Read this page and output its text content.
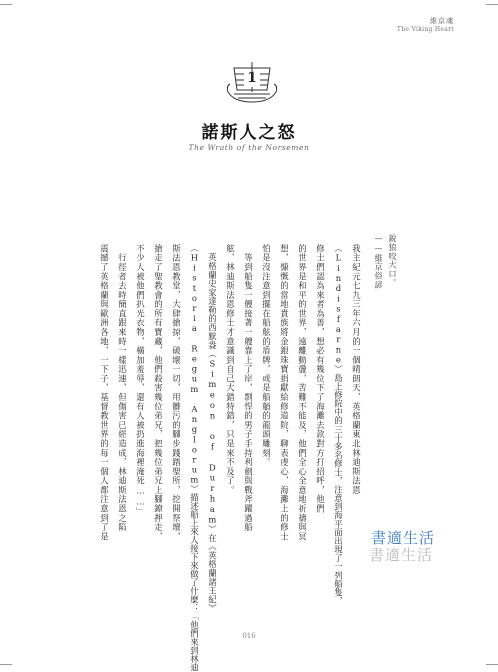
維京魂
The Viking Heart
1
諾斯人之怒
The Wrath of the Norsemen
銳狼咬大口。
——維京俗諺
我主紀元七九三年六月的一個晴朗天，英格蘭東北林迪斯法恩
（Lindisfarne）島上修院中的三十多名修士，注意到海平面出現了一列船隻，
修士們認為來者為善，想必有幾位下了海灘去款對方打招呼，他們
的世界是和平的世界，遠離動盪，苦難不能及，他們全心全意地祈禱與冥
想，慷慨的當地貴族將金銀珠寶捐獻給修道院，聊表虔心，海灘上的修士
怕是沒注意到擺在船舷的盾牌，或是船艏的龍頭雕刻。
　等到船隻一艘接著一艘靠上了岸，剽悍的男子手持利劍與戰斧躍過船
舷，林迪斯法恩修士才意識到自己大錯特錯，只是來不及了。
　英格蘭史家達勒的西默盎（Simeon of Durham）在《英格蘭諸王紀》
（Historia Regum Anglorum）描述船上來人接下來做了什麼：「他們來到林迪
斯法恩教堂，大肆搶掠，破壞一切，用髒污的腳步踐踏聖所，挖開祭壇，
搶走了聖教會的所有寶藏，他們殺害幾位弟兄，把幾位弟兄上腳鐐押走，
不少人被他們扒光衣物，橫加羞辱，還有人被扔進海裡淹死……」
　行徑者去時簡直跟來時一樣迅速，但傷害已經造成，林迪斯法恩之陷
震撼了英格蘭與歐洲各地，一下子，基督教世界的每一個人都注意到了是	書適生活
書適生活
016
